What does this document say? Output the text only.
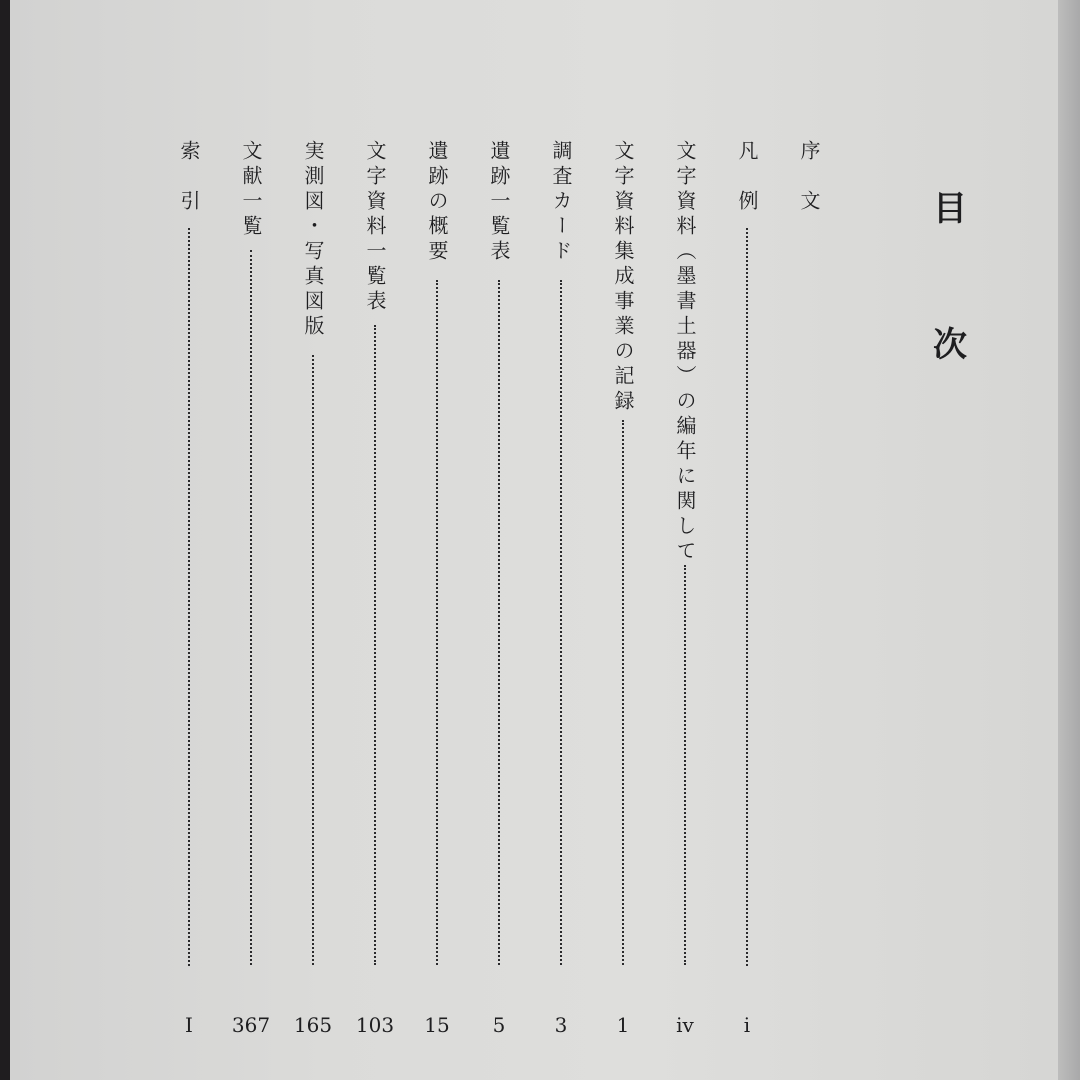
目
次
序　文
凡　例
i
文字資料（墨書土器）の編年に関して
iv
文字資料集成事業の記録
1
調査カード
3
遺跡一覧表
5
遺跡の概要
15
文字資料一覧表
103
実測図・写真図版
165
文献一覧
367
索　引
I
